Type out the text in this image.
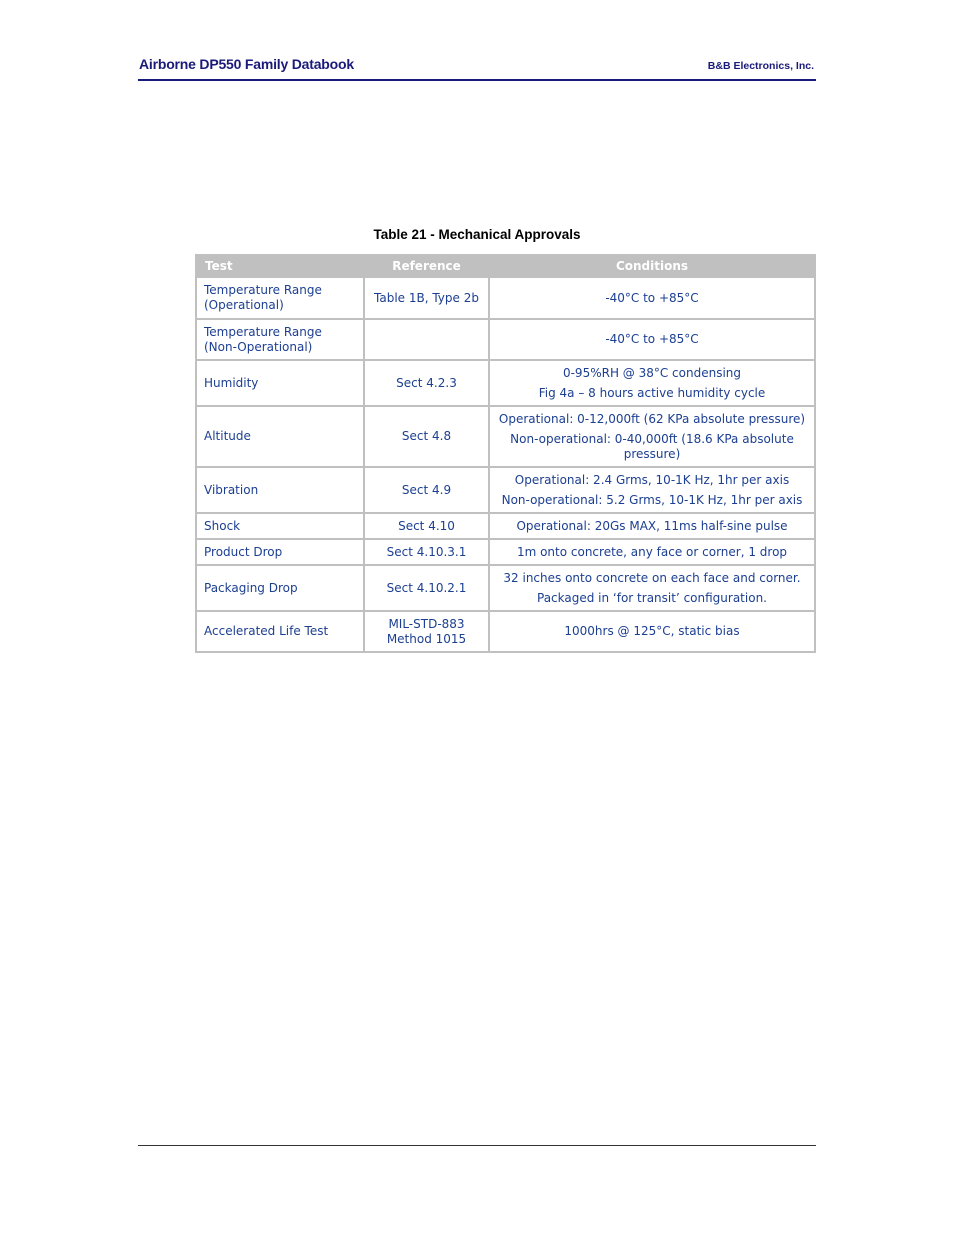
Airborne DP550 Family Databook	B&B Electronics, Inc.
Table 21 - Mechanical Approvals
Test	Reference	Conditions
Temperature Range (Operational)	Table 1B, Type 2b	-40°C to +85°C

Temperature Range (Non-Operational)		-40°C to +85°C

Humidity	Sect 4.2.3	0-95%RH @ 38°C condensing
Fig 4a – 8 hours active humidity cycle

Altitude	Sect 4.8	Operational: 0-12,000ft (62 KPa absolute pressure)
Non-operational: 0-40,000ft (18.6 KPa absolute pressure)

Vibration	Sect 4.9	Operational: 2.4 Grms, 10-1K Hz, 1hr per axis
Non-operational: 5.2 Grms, 10-1K Hz, 1hr per axis

Shock	Sect 4.10	Operational: 20Gs MAX, 11ms half-sine pulse

Product Drop	Sect 4.10.3.1	1m onto concrete, any face or corner, 1 drop

Packaging Drop	Sect 4.10.2.1	32 inches onto concrete on each face and corner.
Packaged in ‘for transit’ configuration.

Accelerated Life Test	MIL-STD-883 Method 1015	1000hrs @ 125°C, static bias
